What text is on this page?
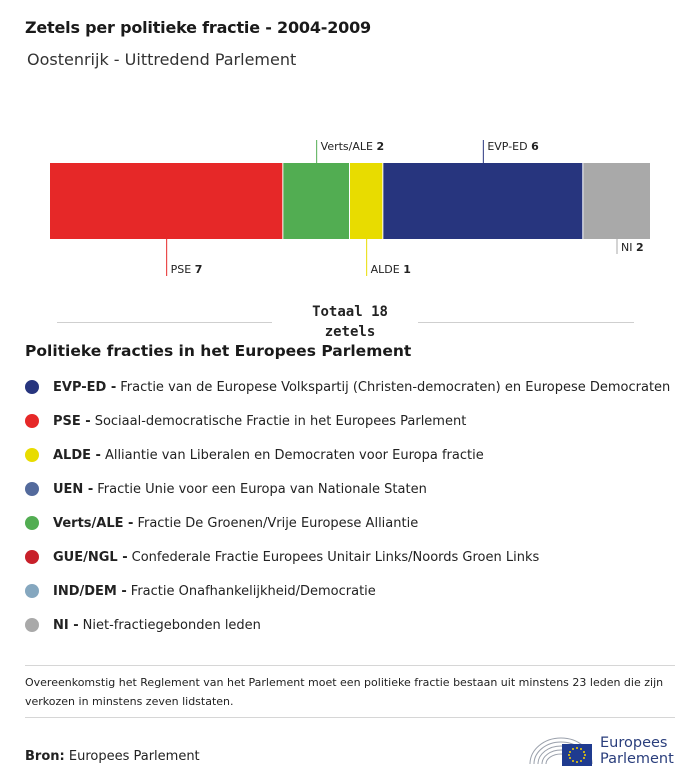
Zetels per politieke fractie - 2004-2009
Oostenrijk - Uittredend Parlement
PSE 7
Verts/ALE 2
ALDE 1
EVP-ED 6
NI 2
Totaal 18
zetels
Politieke fracties in het Europees Parlement
EVP-ED - Fractie van de Europese Volkspartij (Christen-democraten) en Europese Democraten
PSE - Sociaal-democratische Fractie in het Europees Parlement
ALDE - Alliantie van Liberalen en Democraten voor Europa fractie
UEN - Fractie Unie voor een Europa van Nationale Staten
Verts/ALE - Fractie De Groenen/Vrije Europese Alliantie
GUE/NGL - Confederale Fractie Europees Unitair Links/Noords Groen Links
IND/DEM - Fractie Onafhankelijkheid/Democratie
NI - Niet-fractiegebonden leden
Overeenkomstig het Reglement van het Parlement moet een politieke fractie bestaan uit minstens 23 leden die zijn verkozen in minstens zeven lidstaten.
Bron: Europees Parlement
Europees
Parlement
